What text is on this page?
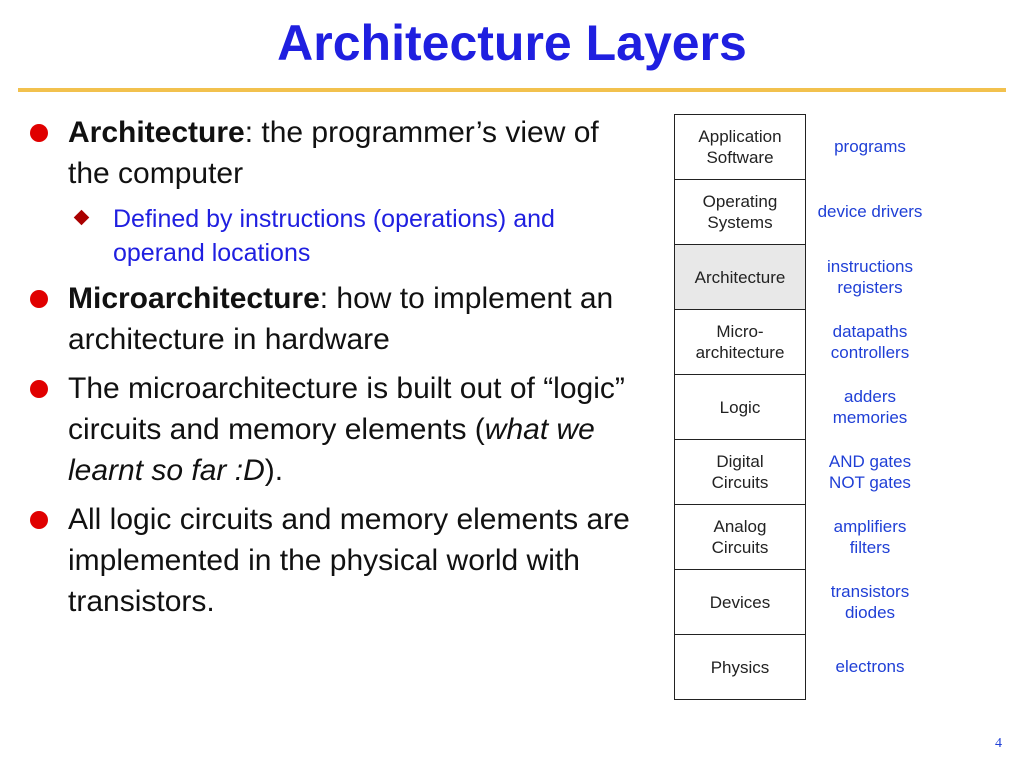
Architecture Layers
Architecture: the programmer’s view of the computer
Defined by instructions (operations) and operand locations
Microarchitecture: how to implement an architecture in hardware
The microarchitecture is built out of “logic” circuits and memory elements (what we learnt so far :D).
All logic circuits and memory elements are implemented in the physical world with transistors.
Application
Software
Operating
Systems
Architecture
Micro-
architecture
Logic
Digital
Circuits
Analog
Circuits
Devices
Physics
programs
device drivers
instructions
registers
datapaths
controllers
adders
memories
AND gates
NOT gates
amplifiers
filters
transistors
diodes
electrons
4
